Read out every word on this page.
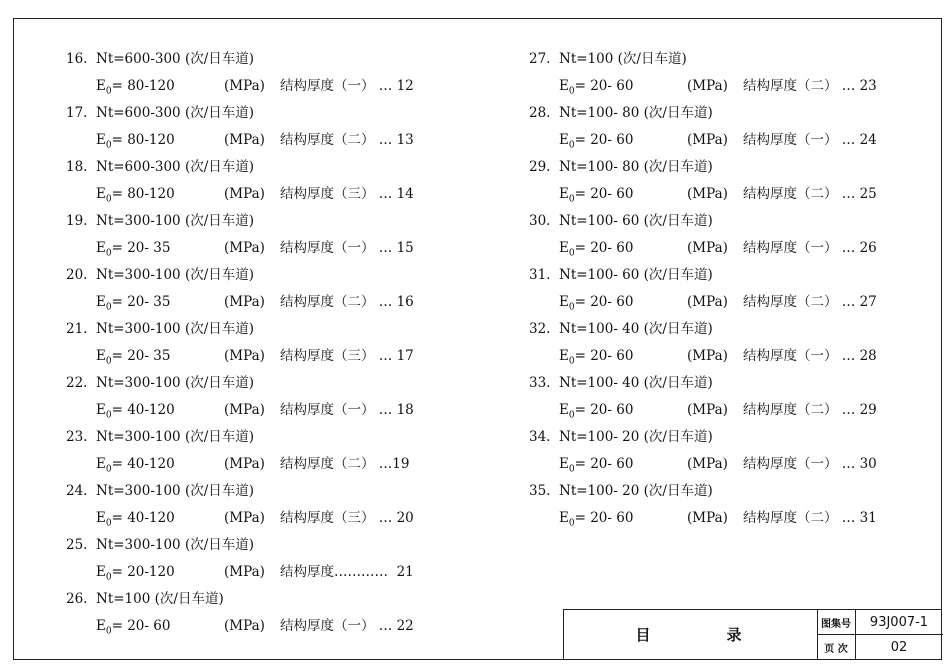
16. Nt=600-300 (次/日车道)
$E_0= 80-120$	(MPa) 结构厚度（一） … 12
17. Nt=600-300 (次/日车道)
$E_0= 80-120$	(MPa) 结构厚度（二） … 13
18. Nt=600-300 (次/日车道)
$E_0= 80-120$	(MPa) 结构厚度（三） … 14
19. Nt=300-100 (次/日车道)
$E_0= 20-$ 35	(MPa) 结构厚度（一） … 15
20. Nt=300-100 (次/日车道)
$E_0= 20-$ 35	(MPa) 结构厚度（二） … 16
21. Nt=300-100 (次/日车道)
$E_0= 20-$ 35	(MPa) 结构厚度（三） … 17
22. Nt=300-100 (次/日车道)
$E_0= 40-120$	(MPa) 结构厚度（一） … 18
23. Nt=300-100 (次/日车道)
$E_0= 40-120$	(MPa) 结构厚度（二） …19
24. Nt=300-100 (次/日车道)
$E_0= 40-120$	(MPa) 结构厚度（三） … 20
25. Nt=300-100 (次/日车道)
$E_0= 20-120$	(MPa) 结构厚度…………  21
26. Nt=100 (次/日车道)
$E_0= 20-$ 60	(MPa) 结构厚度（一） … 22
27. Nt=100 (次/日车道)
$E_0= 20-$ 60	(MPa) 结构厚度（二） … 23
28. Nt=100- 80 (次/日车道)
$E_0= 20-$ 60	(MPa) 结构厚度（一） … 24
29. Nt=100- 80 (次/日车道)
$E_0= 20-$ 60	(MPa) 结构厚度（二） … 25
30. Nt=100- 60 (次/日车道)
$E_0= 20-$ 60	(MPa) 结构厚度（一） … 26
31. Nt=100- 60 (次/日车道)
$E_0= 20-$ 60	(MPa) 结构厚度（二） … 27
32. Nt=100- 40 (次/日车道)
$E_0= 20-$ 60	(MPa) 结构厚度（一） … 28
33. Nt=100- 40 (次/日车道)
$E_0= 20-$ 60	(MPa) 结构厚度（二） … 29
34. Nt=100- 20 (次/日车道)
$E_0= 20-$ 60	(MPa) 结构厚度（一） … 30
35. Nt=100- 20 (次/日车道)
$E_0= 20-$ 60	(MPa) 结构厚度（二） … 31
目	录
图集号	93J007-1
页 次	02
